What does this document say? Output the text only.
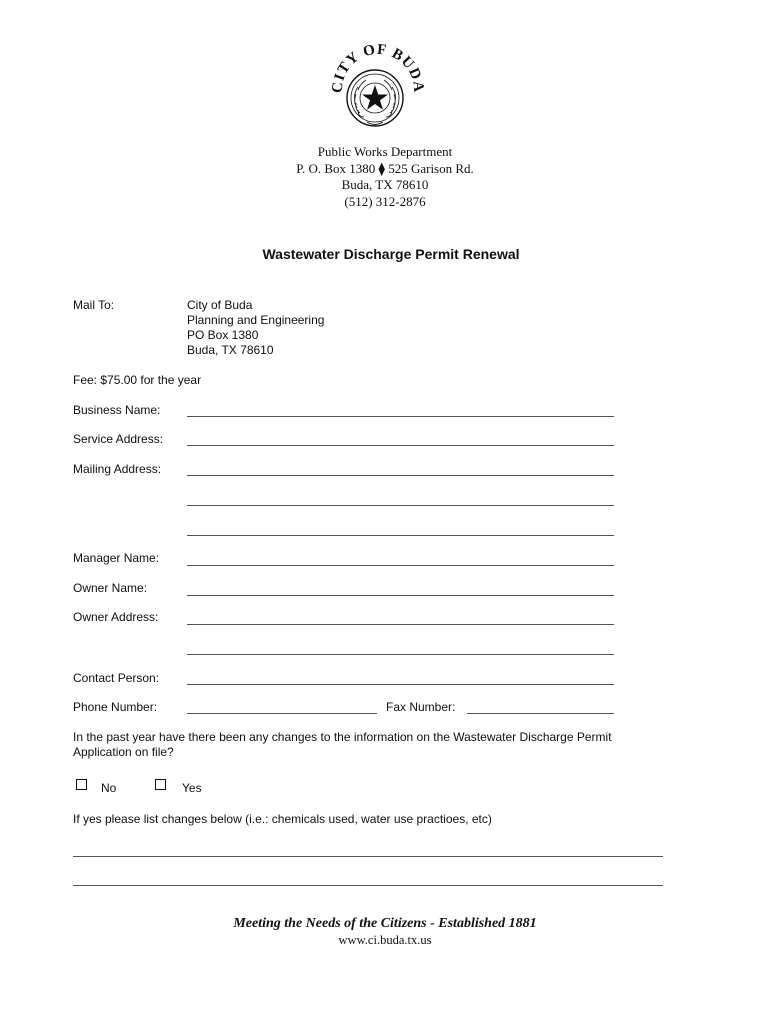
CITY OF BUDA
Public Works Department
P. O. Box 1380 ⧫ 525 Garison Rd.
Buda, TX 78610
(512) 312-2876
Wastewater Discharge Permit Renewal
Mail To:	City of Buda
Planning and Engineering
PO Box 1380
Buda, TX 78610
Fee: $75.00 for the year
Business Name:
Service Address:
Mailing Address:
Manager Name:
Owner Name:
Owner Address:
Contact Person:
Phone Number:	Fax Number:
In the past year have there been any changes to the information on the Wastewater Discharge Permit Application on file?
No	Yes
If yes please list changes below (i.e.: chemicals used, water use practioes, etc)
Meeting the Needs of the Citizens - Established 1881
www.ci.buda.tx.us
